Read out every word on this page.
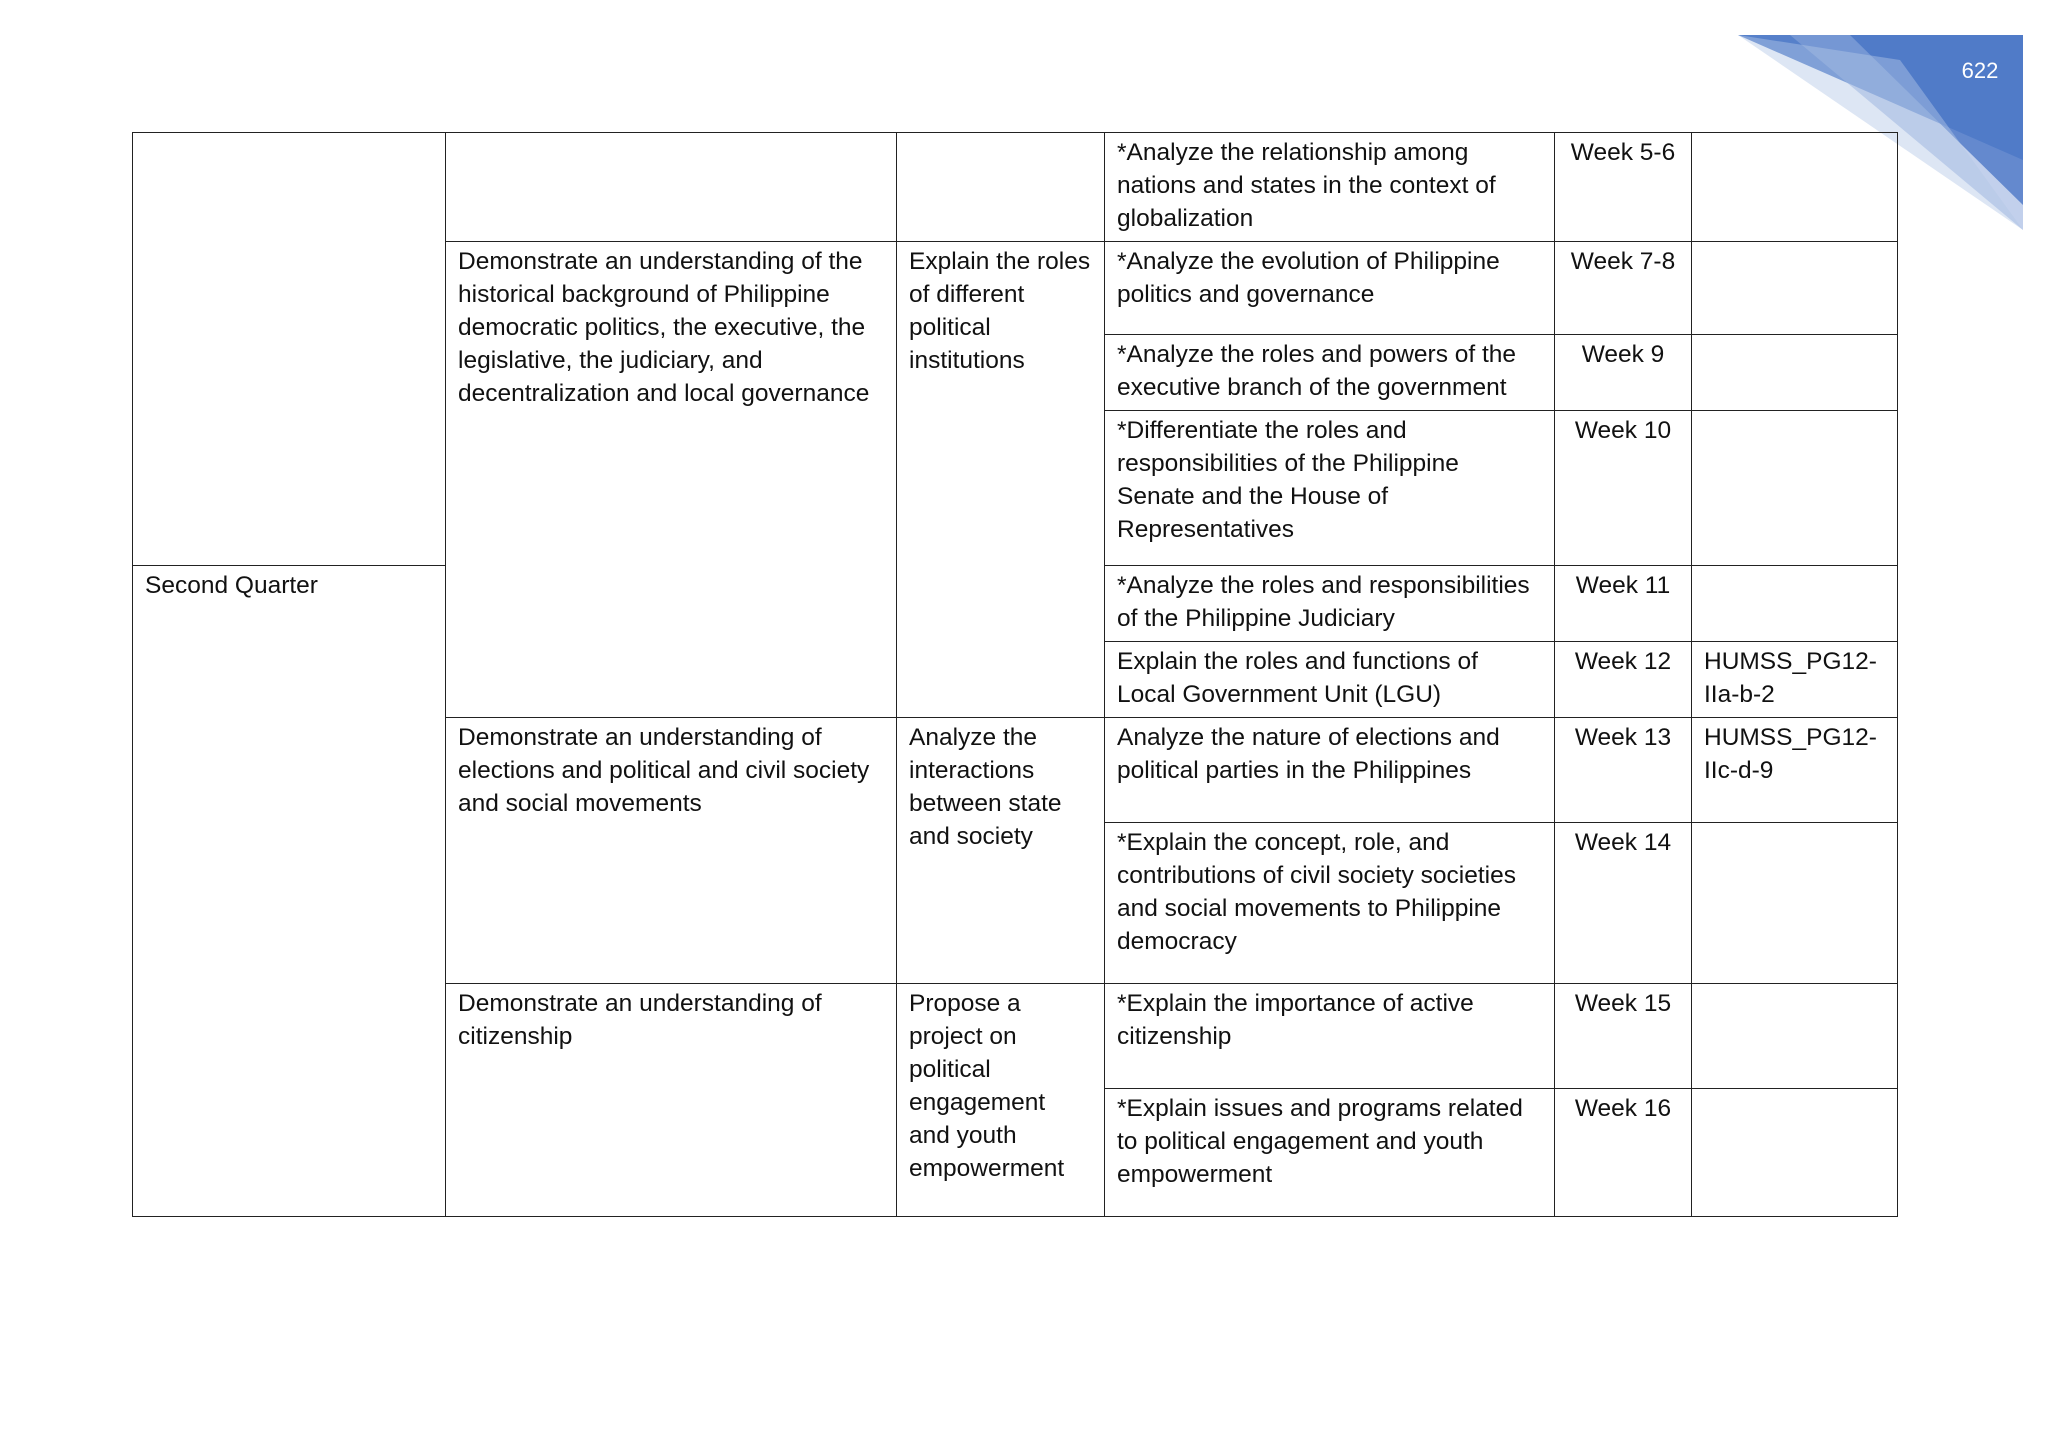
622
			*Analyze the relationship among nations and states in the context of globalization	Week 5-6	
	Demonstrate an understanding of the historical background of Philippine democratic politics, the executive, the legislative, the judiciary, and decentralization and local governance	Explain the roles of different political institutions	*Analyze the evolution of Philippine politics and governance	Week 7-8	
			*Analyze the roles and powers of the executive branch of the government	Week 9	
			*Differentiate the roles and responsibilities of the Philippine Senate and the House of Representatives	Week 10	
Second Quarter			*Analyze the roles and responsibilities of the Philippine Judiciary	Week 11	
			Explain the roles and functions of Local Government Unit (LGU)	Week 12	HUMSS_PG12-IIa-b-2
	Demonstrate an understanding of elections and political and civil society and social movements	Analyze the interactions between state and society	Analyze the nature of elections and political parties in the Philippines	Week 13	HUMSS_PG12-IIc-d-9
			*Explain the concept, role, and contributions of civil society societies and social movements to Philippine democracy	Week 14	
	Demonstrate an understanding of citizenship	Propose a project on political engagement and youth empowerment	*Explain the importance of active citizenship	Week 15	
			*Explain issues and programs related to political engagement and youth empowerment	Week 16	
